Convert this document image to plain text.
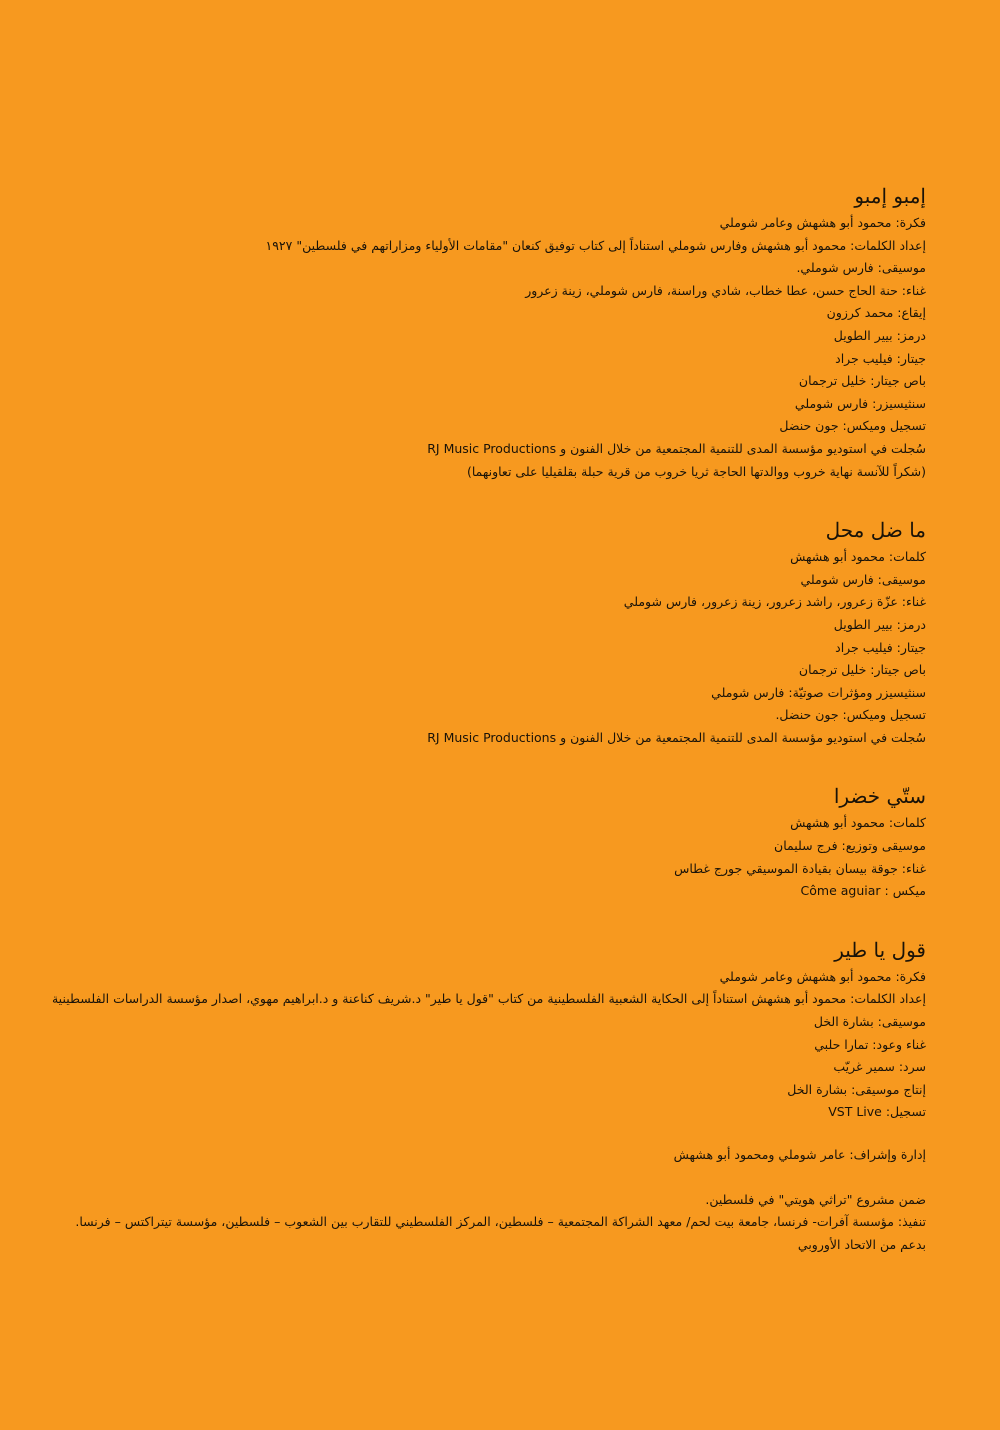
إمبو إمبو
فكرة: محمود أبو هشهش وعامر شوملي
إعداد الكلمات: محمود أبو هشهش وفارس شوملي استناداً إلى كتاب توفيق كنعان "مقامات الأولياء ومزاراتهم في فلسطين" ١٩٢٧
موسيقى: فارس شوملي.
غناء: حنة الحاج حسن، عطا خطاب، شادي وراسنة، فارس شوملي، زينة زعرور
إيقاع: محمد كرزون
درمز: بيير الطويل
جيتار: فيليب جراد
باص جيتار: خليل ترجمان
سنثيسيزر: فارس شوملي
تسجيل وميكس: جون حنضل
سُجلت في استوديو مؤسسة المدى للتنمية المجتمعية من خلال الفنون و RJ Music Productions
(شكراً للآنسة نهاية خروب ووالدتها الحاجة ثريا خروب من قرية حبلة بقلقيليا على تعاونهما)
ما ضل محل
كلمات: محمود أبو هشهش
موسيقى: فارس شوملي
غناء: عزّة زعرور، راشد زعرور، زينة زعرور، فارس شوملي
درمز: بيير الطويل
جيتار: فيليب جراد
باص جيتار: خليل ترجمان
سنثيسيزر ومؤثرات صوتيّة: فارس شوملي
تسجيل وميكس: جون حنضل.
سُجلت في استوديو مؤسسة المدى للتنمية المجتمعية من خلال الفنون و RJ Music Productions
ستّي خضرا
كلمات: محمود أبو هشهش
موسيقى وتوزيع: فرج سليمان
غناء: جوقة بيسان بقيادة الموسيقي جورج غطاس
ميكس : Côme aguiar
قول يا طير
فكرة: محمود أبو هشهش وعامر شوملي
إعداد الكلمات: محمود أبو هشهش استناداً إلى الحكاية الشعبية الفلسطينية من كتاب "قول يا طير" د.شريف كناعنة و د.ابراهيم مهوي، اصدار مؤسسة الدراسات الفلسطينية
موسيقى: بشارة الخل
غناء وعود: تمارا حلبي
سرد: سمير غريّب
إنتاج موسيقى: بشارة الخل
تسجيل: VST Live

إدارة وإشراف: عامر شوملي ومحمود أبو هشهش

ضمن مشروع "تراثي هويتي" في فلسطين.

تنفيذ: مؤسسة آفرات- فرنسا، جامعة بيت لحم/ معهد الشراكة المجتمعية – فلسطين، المركز الفلسطيني للتقارب بين الشعوب – فلسطين، مؤسسة تيتراكتس – فرنسا.

بدعم من الاتحاد الأوروبي
